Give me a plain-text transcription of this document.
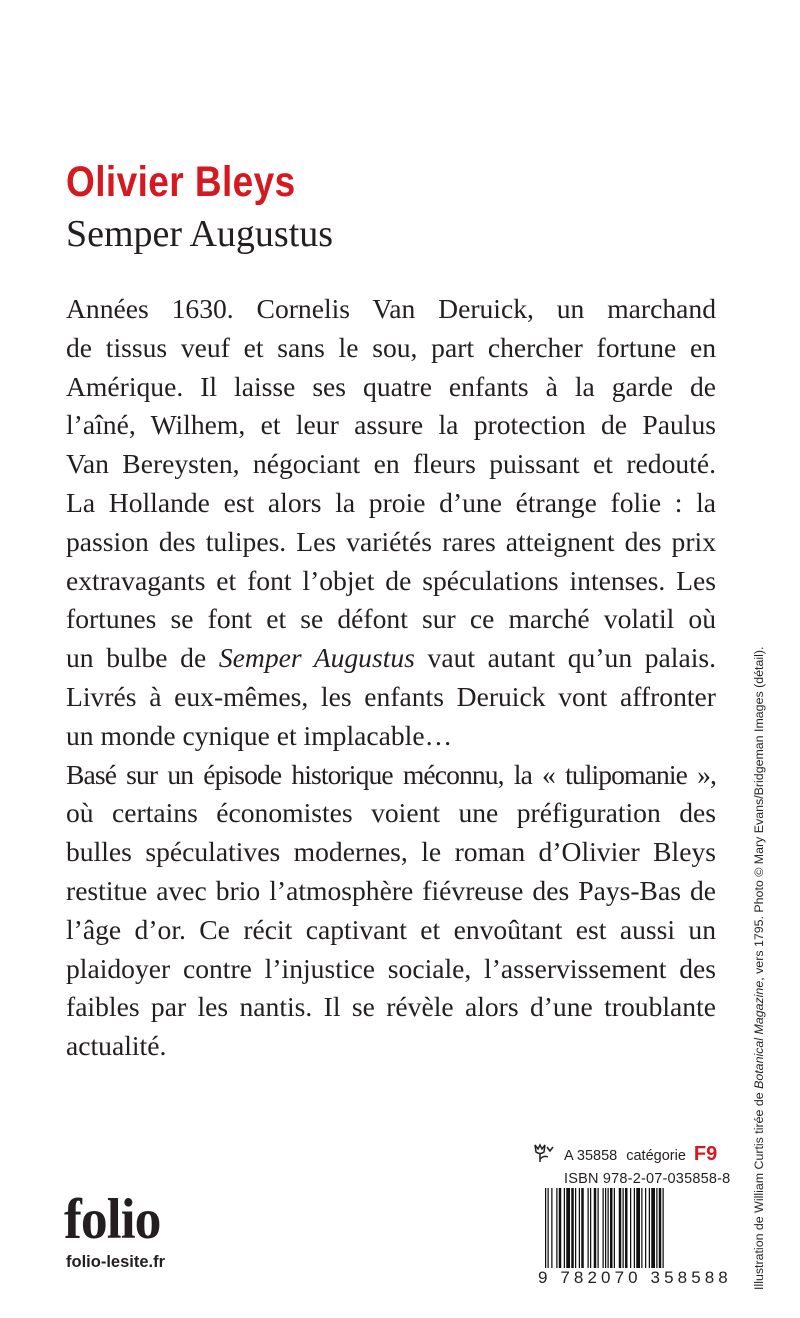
Olivier Bleys
Semper Augustus

Années 1630. Cornelis Van Deruick, un marchand
de tissus veuf et sans le sou, part chercher fortune en
Amérique. Il laisse ses quatre enfants à la garde de
l’aîné, Wilhem, et leur assure la protection de Paulus
Van Bereysten, négociant en fleurs puissant et redouté.
La Hollande est alors la proie d’une étrange folie : la
passion des tulipes. Les variétés rares atteignent des prix
extravagants et font l’objet de spéculations intenses. Les
fortunes se font et se défont sur ce marché volatil où
un bulbe de Semper Augustus vaut autant qu’un palais.
Livrés à eux-mêmes, les enfants Deruick vont affronter
un monde cynique et implacable…

Basé sur un épisode historique méconnu, la « tulipomanie »,
où certains économistes voient une préfiguration des
bulles spéculatives modernes, le roman d’Olivier Bleys
restitue avec brio l’atmosphère fiévreuse des Pays-Bas de
l’âge d’or. Ce récit captivant et envoûtant est aussi un
plaidoyer contre l’injustice sociale, l’asservissement des
faibles par les nantis. Il se révèle alors d’une troublante
actualité.

Illustration de William Curtis tirée de Botanical Magazine, vers 1795. Photo © Mary Evans/Bridgeman Images (détail).
A 35858 catégorie F9
ISBN 978-2-07-035858-8
9 782070 358588
folio
folio-lesite.fr
